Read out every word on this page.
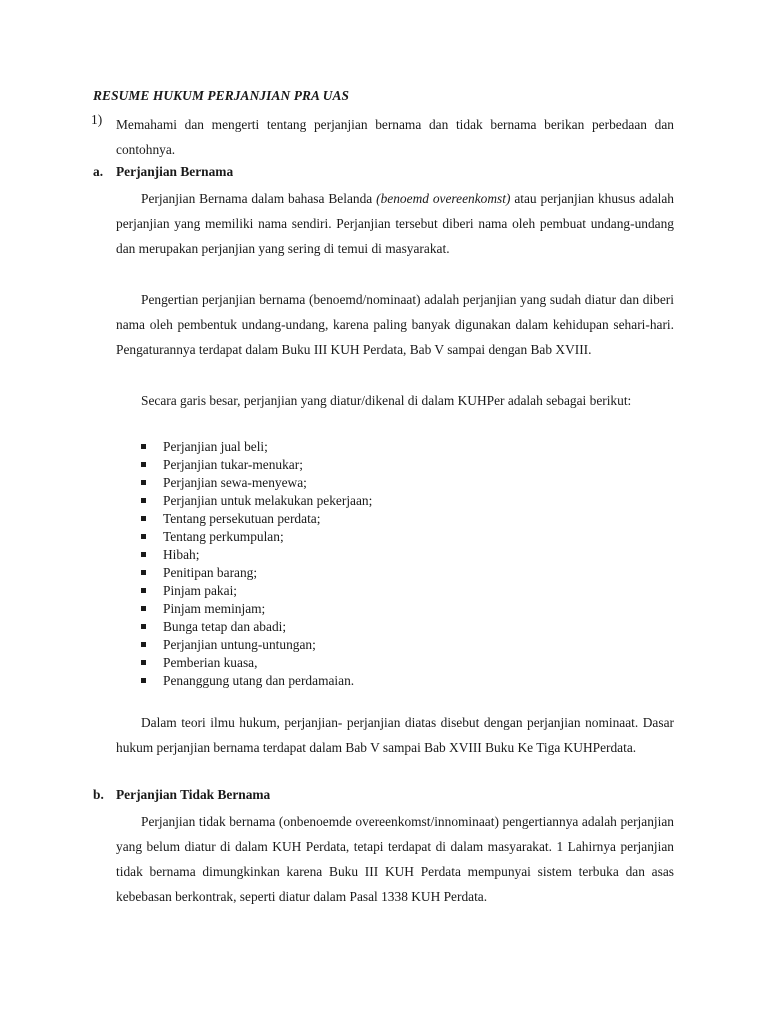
RESUME HUKUM PERJANJIAN PRA UAS
1) Memahami dan mengerti tentang perjanjian bernama dan tidak bernama berikan perbedaan dan contohnya.
a. Perjanjian Bernama

Perjanjian Bernama dalam bahasa Belanda (benoemd overeenkomst) atau perjanjian khusus adalah perjanjian yang memiliki nama sendiri. Perjanjian tersebut diberi nama oleh pembuat undang-undang dan merupakan perjanjian yang sering di temui di masyarakat.

Pengertian perjanjian bernama (benoemd/nominaat) adalah perjanjian yang sudah diatur dan diberi nama oleh pembentuk undang-undang, karena paling banyak digunakan dalam kehidupan sehari-hari. Pengaturannya terdapat dalam Buku III KUH Perdata, Bab V sampai dengan Bab XVIII.

Secara garis besar, perjanjian yang diatur/dikenal di dalam KUHPer adalah sebagai berikut:

Perjanjian jual beli;
Perjanjian tukar-menukar;
Perjanjian sewa-menyewa;
Perjanjian untuk melakukan pekerjaan;
Tentang persekutuan perdata;
Tentang perkumpulan;
Hibah;
Penitipan barang;
Pinjam pakai;
Pinjam meminjam;
Bunga tetap dan abadi;
Perjanjian untung-untungan;
Pemberian kuasa,
Penanggung utang dan perdamaian.

Dalam teori ilmu hukum, perjanjian- perjanjian diatas disebut dengan perjanjian nominaat. Dasar hukum perjanjian bernama terdapat dalam Bab V sampai Bab XVIII Buku Ke Tiga KUHPerdata.

b. Perjanjian Tidak Bernama

Perjanjian tidak bernama (onbenoemde overeenkomst/innominaat) pengertiannya adalah perjanjian yang belum diatur di dalam KUH Perdata, tetapi terdapat di dalam masyarakat. 1 Lahirnya perjanjian tidak bernama dimungkinkan karena Buku III KUH Perdata mempunyai sistem terbuka dan asas kebebasan berkontrak, seperti diatur dalam Pasal 1338 KUH Perdata.
